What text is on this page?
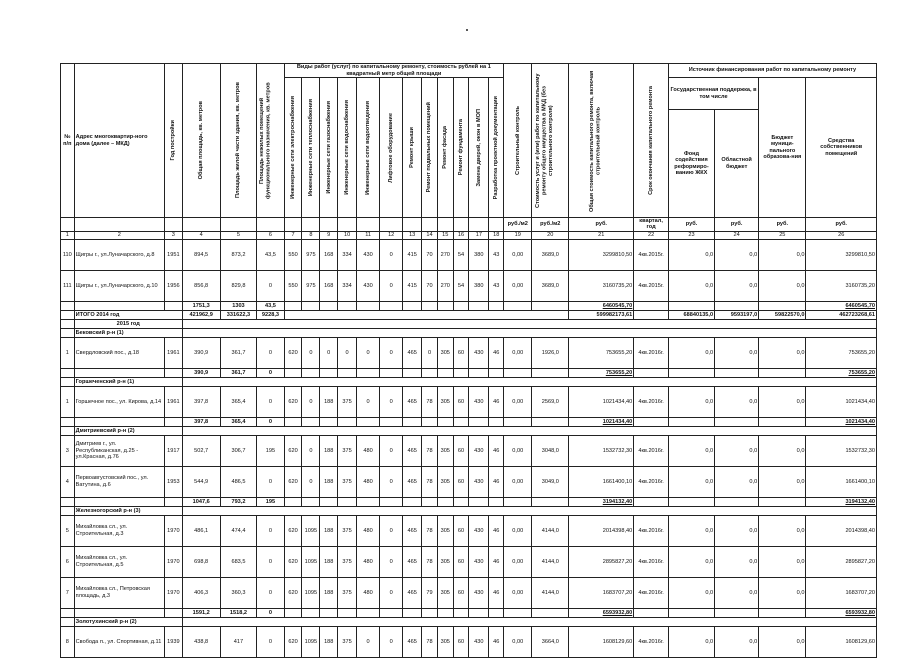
№ п/п	Адрес многоквартир-ного дома (далее – МКД)	Год постройки	Общая площадь, кв. метров	Площадь жилой части здания, кв. метров	Площадь нежилых помещений функционального назначения, кв. метров	Виды работ (услуг) по капитальному ремонту, стоимость рублей на 1 квадратный метр общей площади												Строительный контроль	Стоимость услуг и (или) работ по капитальному ремонту общего имущества в МКД (без строительного контроля)	Общая стоимость капитального ремонта, включая строительный контроль	Срок окончания капитального ремонта	Источник финансирования работ по капитальному ремонту			

						Инженерные сети электроснабжения	Инженерные сети теплоснабжения	Инженерные сети газоснабжения	Инженерные сети водоснабжения	Инженерные сети водоотведения	Лифтовое оборудование	Ремонт крыши	Ремонт подвальных помещений	Ремонт фасада	Ремонт фундамента	Замена дверей, окон в МОП	Разработка проектной документации					Государственная поддержка, в том числе		Бюджет муници-пального образова-ния	Средства собственников помещений
																						Фонд содействия реформиро-ванию ЖКХ	Областной бюджет		
																		руб./м2	руб./м2	руб.	квартал, год	руб.	руб.	руб.	руб.
1	2	3	4	5	6	7	8	9	10	11	12	13	14	15	16	17	18	19	20	21	22	23	24	25	26
110	Щигры г., ул.Луначарского, д.8	1951	894,5	873,2	43,5	550	975	168	334	430	0	415	70	270	54	380	43	0,00	3689,0	3299810,50	4кв.2015г.	0,0	0,0	0,0	3299810,50
111	Щигры г., ул.Луначарского, д.10	1956	856,8	829,8	0	550	975	168	334	430	0	415	70	270	54	380	43	0,00	3689,0	3160735,20	4кв.2015г.	0,0	0,0	0,0	3160735,20
			1751,3	1303	43,5															6460545,70					6460545,70
	ИТОГО 2014 год		421962,9	331622,3	9228,3															599982173,61		68840135,0	9593197,0	59822570,0	462723268,61
	2015 год																								
	Бековский р-н (1)																								
1	Свердловский пос., д.18	1961	390,9	361,7	0	620	0	0	0	0	0	465	0	305	60	430	46	0,00	1926,0	753655,20	4кв.2016г.	0,0	0,0	0,0	753655,20
			390,9	361,7	0															753655,20					753655,20
	Горшеченский р-н (1)																								
1	Горшечное пос., ул. Кирова, д.14	1961	397,8	365,4	0	620	0	188	375	0	0	465	78	305	60	430	46	0,00	2569,0	1021434,40	4кв.2016г.	0,0	0,0	0,0	1021434,40
			397,8	365,4	0															1021434,40					1021434,40
	Дмитриевский р-н (2)																								
3	Дмитриев г., ул. Республиканская, д.25 - ул.Красная, д.76	1917	502,7	306,7	195	620	0	188	375	480	0	465	78	305	60	430	46	0,00	3048,0	1532732,30	4кв.2016г.	0,0	0,0	0,0	1532732,30
4	Первоавгустовский пос., ул. Ватутина, д.6	1953	544,9	486,5	0	620	0	188	375	480	0	465	78	305	60	430	46	0,00	3049,0	1661400,10	4кв.2016г.	0,0	0,0	0,0	1661400,10
			1047,6	793,2	195															3194132,40					3194132,40
	Железногорский р-н (3)																								
5	Михайловка сл., ул. Строительная, д.3	1970	486,1	474,4	0	620	1095	188	375	480	0	465	78	305	60	430	46	0,00	4144,0	2014398,40	4кв.2016г.	0,0	0,0	0,0	2014398,40
6	Михайловка сл., ул. Строительная, д.5	1970	698,8	683,5	0	620	1095	188	375	480	0	465	78	305	60	430	46	0,00	4144,0	2895827,20	4кв.2016г.	0,0	0,0	0,0	2895827,20
7	Михайловка сл., Петровская площадь, д.3	1970	406,3	360,3	0	620	1095	188	375	480	0	465	79	305	60	430	46	0,00	4144,0	1683707,20	4кв.2016г.	0,0	0,0	0,0	1683707,20
			1591,2	1518,2	0															6593932,80					6593932,80
	Золотухинский р-н (2)																								
8	Свобода п., ул. Спортивная, д.11	1939	438,8	417	0	620	1095	188	375	0	0	465	78	305	60	430	46	0,00	3664,0	1608129,60	4кв.2016г.	0,0	0,0	0,0	1608129,60
